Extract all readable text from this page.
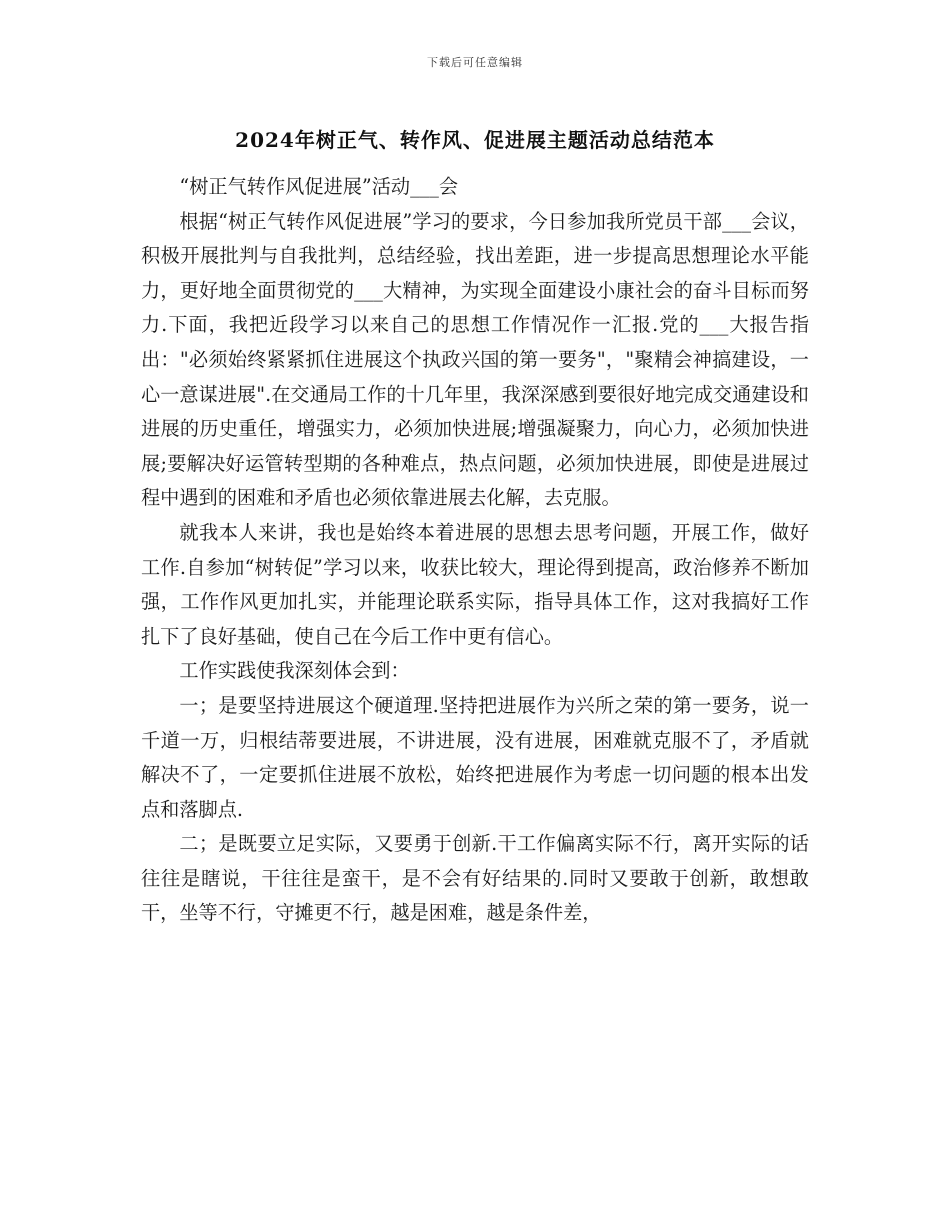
下载后可任意编辑
2024年树正气、转作风、促进展主题活动总结范本

“树正气转作风促进展”活动___会

根据“树正气转作风促进展”学习的要求，今日参加我所党员干部___会议，积极开展批判与自我批判，总结经验，找出差距，进一步提高思想理论水平能力，更好地全面贯彻党的___大精神，为实现全面建设小康社会的奋斗目标而努力.下面，我把近段学习以来自己的思想工作情况作一汇报.党的___大报告指出："必须始终紧紧抓住进展这个执政兴国的第一要务"，"聚精会神搞建设，一心一意谋进展".在交通局工作的十几年里，我深深感到要很好地完成交通建设和进展的历史重任，增强实力，必须加快进展;增强凝聚力，向心力，必须加快进展;要解决好运管转型期的各种难点，热点问题，必须加快进展，即使是进展过程中遇到的困难和矛盾也必须依靠进展去化解，去克服。

就我本人来讲，我也是始终本着进展的思想去思考问题，开展工作，做好工作.自参加“树转促”学习以来，收获比较大，理论得到提高，政治修养不断加强，工作作风更加扎实，并能理论联系实际，指导具体工作，这对我搞好工作扎下了良好基础，使自己在今后工作中更有信心。

工作实践使我深刻体会到：

一；是要坚持进展这个硬道理.坚持把进展作为兴所之荣的第一要务，说一千道一万，归根结蒂要进展，不讲进展，没有进展，困难就克服不了，矛盾就解决不了，一定要抓住进展不放松，始终把进展作为考虑一切问题的根本出发点和落脚点.

二；是既要立足实际，又要勇于创新.干工作偏离实际不行，离开实际的话往往是瞎说，干往往是蛮干，是不会有好结果的.同时又要敢于创新，敢想敢干，坐等不行，守摊更不行，越是困难，越是条件差，
